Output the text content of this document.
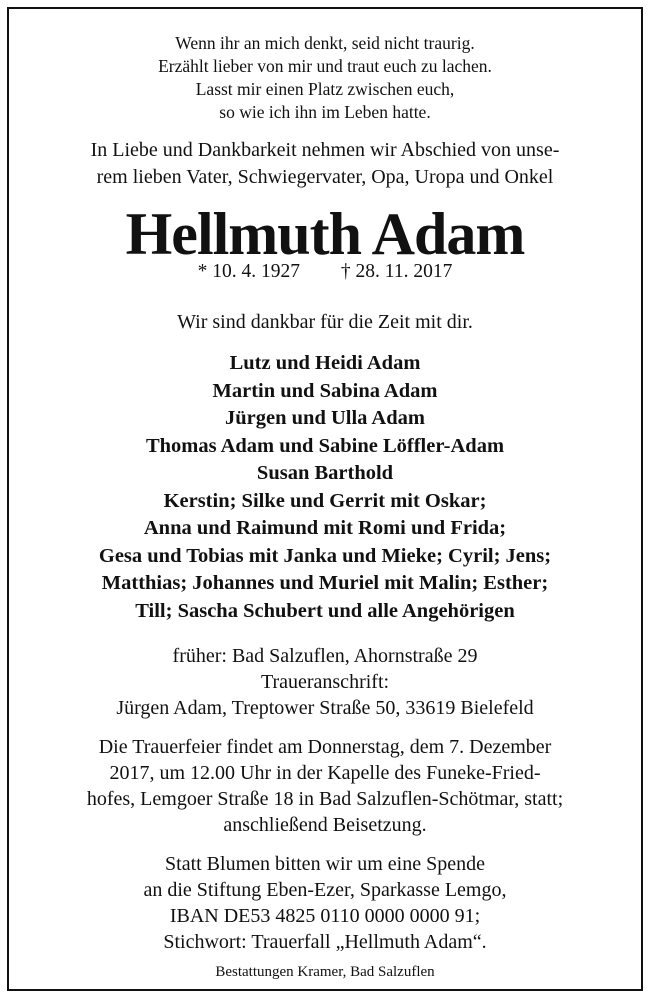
Wenn ihr an mich denkt, seid nicht traurig.
Erzählt lieber von mir und traut euch zu lachen.
Lasst mir einen Platz zwischen euch,
so wie ich ihn im Leben hatte.
In Liebe und Dankbarkeit nehmen wir Abschied von unse-
rem lieben Vater, Schwiegervater, Opa, Uropa und Onkel
Hellmuth Adam
* 10. 4. 1927 † 28. 11. 2017
Wir sind dankbar für die Zeit mit dir.
Lutz und Heidi Adam
Martin und Sabina Adam
Jürgen und Ulla Adam
Thomas Adam und Sabine Löffler-Adam
Susan Barthold
Kerstin; Silke und Gerrit mit Oskar;
Anna und Raimund mit Romi und Frida;
Gesa und Tobias mit Janka und Mieke; Cyril; Jens;
Matthias; Johannes und Muriel mit Malin; Esther;
Till; Sascha Schubert und alle Angehörigen
früher: Bad Salzuflen, Ahornstraße 29
Traueranschrift:
Jürgen Adam, Treptower Straße 50, 33619 Bielefeld
Die Trauerfeier findet am Donnerstag, dem 7. Dezember
2017, um 12.00 Uhr in der Kapelle des Funeke-Fried-
hofes, Lemgoer Straße 18 in Bad Salzuflen-Schötmar, statt;
anschließend Beisetzung.
Statt Blumen bitten wir um eine Spende
an die Stiftung Eben-Ezer, Sparkasse Lemgo,
IBAN DE53 4825 0110 0000 0000 91;
Stichwort: Trauerfall „Hellmuth Adam“.
Bestattungen Kramer, Bad Salzuflen
